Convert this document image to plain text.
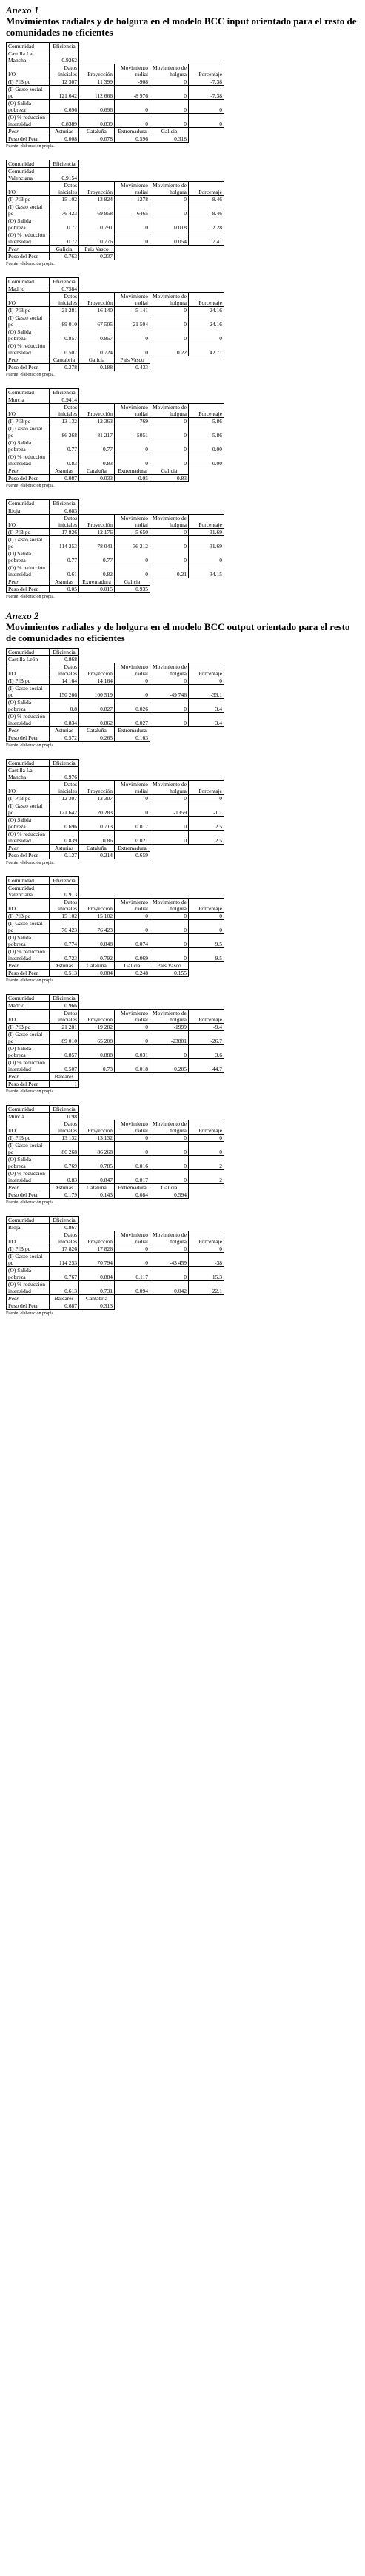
Anexo 1
Movimientos radiales y de holgura en el modelo BCC input orientado para el resto de comunidades no eficientes
Comunidad	Eficiencia				
Castilla La Mancha	0.9262				
I/O	Datos iniciales	Proyección	Movimiento radial	Movimiento de holgura	Porcentaje
(I) PIB pc	12 307	11 399	-908	0	-7.38
(I) Gasto social pc	121 642	112 666	-8 976	0	-7.38
(O) Salida pobreza	0.696	0.696	0	0	0
(O) % reducción intensidad	0.8389	0.839	0	0	0
Peer	Asturias	Cataluña	Extremadura	Galicia	
Peso del Peer	0.008	0.078	0.596	0.318	
Fuente: elaboración propia.
Comunidad	Eficiencia				
Comunidad Valenciana	0.9154				
I/O	Datos iniciales	Proyección	Movimiento radial	Movimiento de holgura	Porcentaje
(I) PIB pc	15 102	13 824	-1278	0	-8.46
(I) Gasto social pc	76 423	69 958	-6465	0	-8.46
(O) Salida pobreza	0.77	0.791	0	0.018	2.28
(O) % reducción intensidad	0.72	0.776	0	0.054	7.41
Peer	Galicia	País Vasco			
Peso del Peer	0.763	0.237			
Fuente: elaboración propia.
Comunidad	Eficiencia				
Madrid	0.7584				
I/O	Datos iniciales	Proyección	Movimiento radial	Movimiento de holgura	Porcentaje
(I) PIB pc	21 281	16 140	-5 141	0	-24.16
(I) Gasto social pc	89 010	67 505	-21 504	0	-24.16
(O) Salida pobreza	0.857	0.857	0	0	0
(O) % reducción intensidad	0.507	0.724	0	0.22	42.71
Peer	Cantabria	Galicia	País Vasco		
Peso del Peer	0.378	0.188	0.433		
Fuente: elaboración propia.
Comunidad	Eficiencia				
Murcia	0.9414				
I/O	Datos iniciales	Proyección	Movimiento radial	Movimiento de holgura	Porcentaje
(I) PIB pc	13 132	12 363	-769	0	-5.86
(I) Gasto social pc	86 268	81 217	-5051	0	-5.86
(O) Salida pobreza	0.77	0.77	0	0	0.00
(O) % reducción intensidad	0.83	0.83	0	0	0.00
Peer	Asturias	Cataluña	Extremadura	Galicia	
Peso del Peer	0.087	0.033	0.05	0.83	
Fuente: elaboración propia.
Comunidad	Eficiencia				
Rioja	0.683				
I/O	Datos iniciales	Proyección	Movimiento radial	Movimiento de holgura	Porcentaje
(I) PIB pc	17 826	12 176	-5 650	0	-31.69
(I) Gasto social pc	114 253	78 041	-36 212	0	-31.69
(O) Salida pobreza	0.77	0.77	0	0	0
(O) % reducción intensidad	0.61	0.82	0	0.21	34.15
Peer	Asturias	Extremadura	Galicia		
Peso del Peer	0.05	0.015	0.935		
Fuente: elaboración propia.
Anexo 2
Movimientos radiales y de holgura en el modelo BCC output orientado para el resto de comunidades no eficientes
Comunidad	Eficiencia				
Castilla León	0.868				
I/O	Datos iniciales	Proyección	Movimiento radial	Movimiento de holgura	Porcentaje
(I) PIB pc	14 164	14 164	0	0	0
(I) Gasto social pc	150 266	100 519	0	-49 746	-33.1
(O) Salida pobreza	0.8	0.827	0.026	0	3.4
(O) % reducción intensidad	0.834	0.862	0.027	0	3.4
Peer	Asturias	Cataluña	Extremadura		
Peso del Peer	0.572	0.265	0.163		
Fuente: elaboración propia.
Comunidad	Eficiencia				
Castilla La Mancha	0.976				
I/O	Datos iniciales	Proyección	Movimiento radial	Movimiento de holgura	Porcentaje
(I) PIB pc	12 307	12 307	0	0	0
(I) Gasto social pc	121 642	120 283	0	-1359	-1.1
(O) Salida pobreza	0.696	0.713	0.017	0	2.5
(O) % reducción intensidad	0.839	0.86	0.021	0	2.5
Peer	Asturias	Cataluña	Extremadura		
Peso del Peer	0.127	0.214	0.659		
Fuente: elaboración propia.
Comunidad	Eficiencia				
Comunidad Valenciana	0.913				
I/O	Datos iniciales	Proyección	Movimiento radial	Movimiento de holgura	Porcentaje
(I) PIB pc	15 102	15 102	0	0	0
(I) Gasto social pc	76 423	76 423	0	0	0
(O) Salida pobreza	0.774	0.848	0.074	0	9.5
(O) % reducción intensidad	0.723	0.792	0.069	0	9.5
Peer	Asturias	Cataluña	Galicia	País Vasco	
Peso del Peer	0.513	0.084	0.248	0.155	
Fuente: elaboración propia.
Comunidad	Eficiencia				
Madrid	0.966				
I/O	Datos iniciales	Proyección	Movimiento radial	Movimiento de holgura	Porcentaje
(I) PIB pc	21 281	19 282	0	-1999	-9.4
(I) Gasto social pc	89 010	65 208	0	-23801	-26.7
(O) Salida pobreza	0.857	0.888	0.031	0	3.6
(O) % reducción intensidad	0.507	0.73	0.018	0.205	44.7
Peer	Baleares				
Peso del Peer	1				
Fuente: elaboración propia.
Comunidad	Eficiencia				
Murcia	0.98				
I/O	Datos iniciales	Proyección	Movimiento radial	Movimiento de holgura	Porcentaje
(I) PIB pc	13 132	13 132	0	0	0
(I) Gasto social pc	86 268	86 268	0	0	0
(O) Salida pobreza	0.769	0.785	0.016	0	2
(O) % reducción intensidad	0.83	0.847	0.017	0	2
Peer	Asturias	Cataluña	Extremadura	Galicia	
Peso del Peer	0.179	0.143	0.084	0.594	
Fuente: elaboración propia.
Comunidad	Eficiencia				
Rioja	0.867				
I/O	Datos iniciales	Proyección	Movimiento radial	Movimiento de holgura	Porcentaje
(I) PIB pc	17 826	17 826	0	0	0
(I) Gasto social pc	114 253	70 794	0	-43 459	-38
(O) Salida pobreza	0.767	0.884	0.117	0	15.3
(O) % reducción intensidad	0.613	0.731	0.094	0.042	22.1
Peer	Baleares	Cantabria			
Peso del Peer	0.687	0.313			
Fuente: elaboración propia.
